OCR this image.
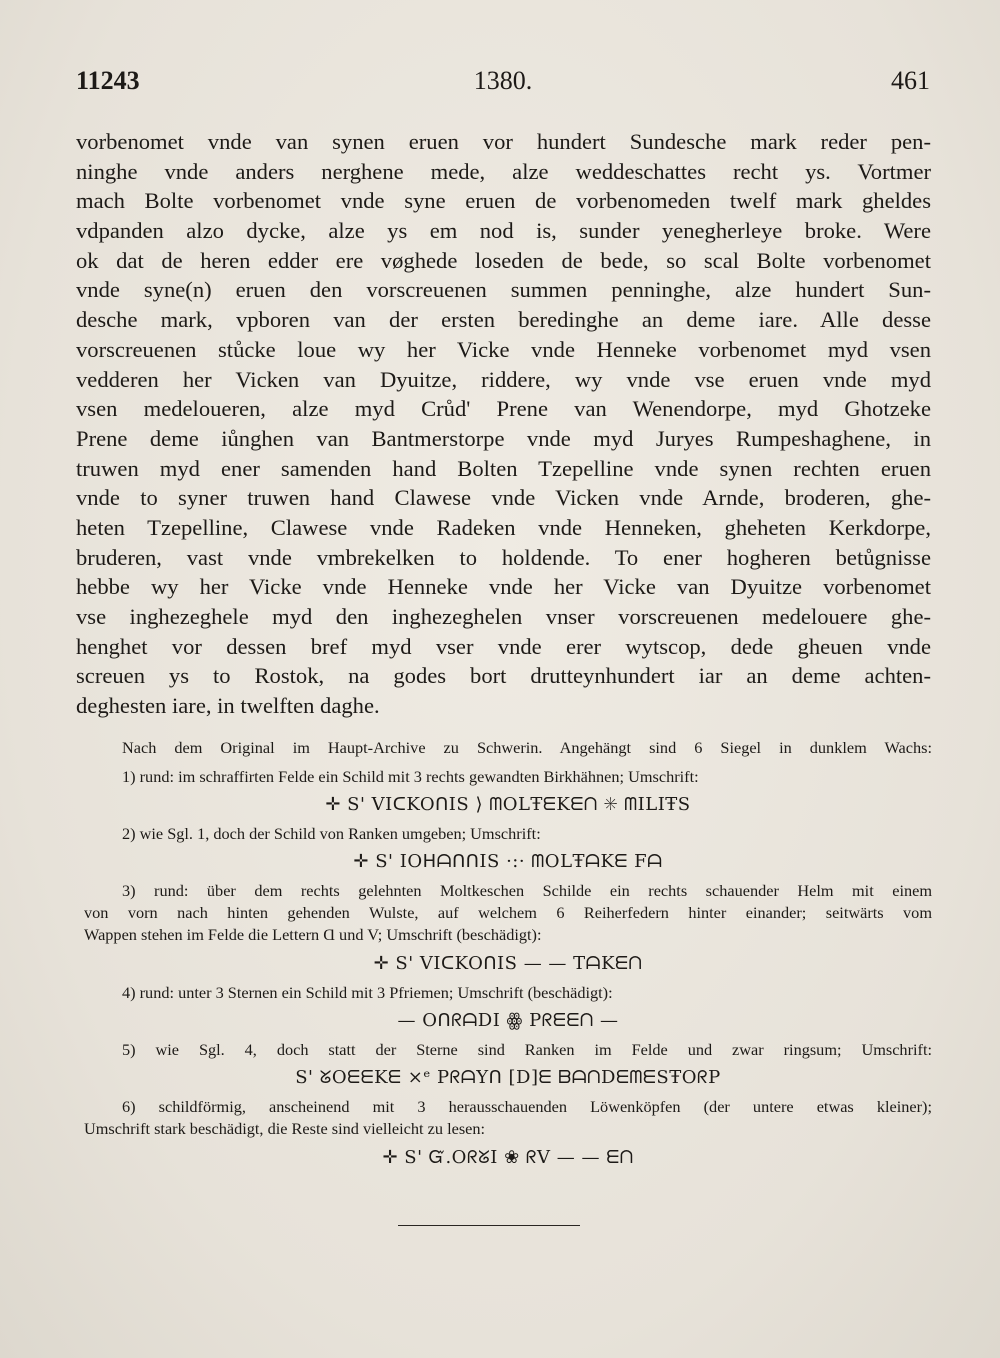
11243	1380.	461
vorbenomet vnde van synen eruen vor hundert Sundesche mark reder pen-
ninghe vnde anders nerghene mede, alze weddeschattes recht ys. Vortmer
mach Bolte vorbenomet vnde syne eruen de vorbenomeden twelf mark gheldes
vdpanden alzo dycke, alze ys em nod is, sunder yenegherleye broke. Were
ok dat de heren edder ere vøghede loseden de bede, so scal Bolte vorbenomet
vnde syne(n) eruen den vorscreuenen summen penninghe, alze hundert Sun-
desche mark, vpboren van der ersten beredinghe an deme iare. Alle desse
vorscreuenen stůcke loue wy her Vicke vnde Henneke vorbenomet myd vsen
vedderen her Vicken van Dyuitze, riddere, wy vnde vse eruen vnde myd
vsen medeloueren, alze myd Crůd' Prene van Wenendorpe, myd Ghotzeke
Prene deme iůnghen van Bantmerstorpe vnde myd Juryes Rumpeshaghene, in
truwen myd ener samenden hand Bolten Tzepelline vnde synen rechten eruen
vnde to syner truwen hand Clawese vnde Vicken vnde Arnde, broderen, ghe-
heten Tzepelline, Clawese vnde Radeken vnde Henneken, gheheten Kerkdorpe,
bruderen, vast vnde vmbrekelken to holdende. To ener hogheren betůgnisse
hebbe wy her Vicke vnde Henneke vnde her Vicke van Dyuitze vorbenomet
vse inghezeghele myd den inghezeghelen vnser vorscreuenen medelouere ghe-
henghet vor dessen bref myd vser vnde erer wytscop, dede gheuen vnde
screuen ys to Rostok, na godes bort drutteynhundert iar an deme achten-
deghesten iare, in twelften daghe.
Nach dem Original im Haupt-Archive zu Schwerin. Angehängt sind 6 Siegel in dunklem Wachs:
1) rund: im schraffirten Felde ein Schild mit 3 rechts gewandten Birkhähnen; Umschrift:
✛ S' VIᑕKOᑎIS ⟩ ᗰOLŦᗴKᗴᑎ ✳ ᗰILIŦS
2) wie Sgl. 1, doch der Schild von Ranken umgeben; Umschrift:
✛ S' IOᕼᗩᑎᑎIS ·:· ᗰOLŦᗩKᗴ Fᗩ
3) rund: über dem rechts gelehnten Moltkeschen Schilde ein rechts schauender Helm mit einem
von vorn nach hinten gehenden Wulste, auf welchem 6 Reiherfedern hinter einander; seitwärts vom
Wappen stehen im Felde die Lettern Ɑ und V; Umschrift (beschädigt):
✛ S' VIᑕKOᑎIS — — TᗩKᗴᑎ
4) rund: unter 3 Sternen ein Schild mit 3 Pfriemen; Umschrift (beschädigt):
— OᑎᖇᗩDI ꙮ Pᖇᗴᗴᑎ —
5) wie Sgl. 4, doch statt der Sterne sind Ranken im Felde und zwar ringsum; Umschrift:
S' ᘜOᗴᗴKᗴ ×ᵉ PᖇᗩYᑎ [D]ᗴ ᗷᗩᑎDᗴᗰᗴSŦOᖇP
6) schildförmig, anscheinend mit 3 herausschauenden Löwenköpfen (der untere etwas kleiner);
Umschrift stark beschädigt, die Reste sind vielleicht zu lesen:
✛ S' Ᏻ.OᖇᘜI ❀ ᖇV — — ᗴᑎ
